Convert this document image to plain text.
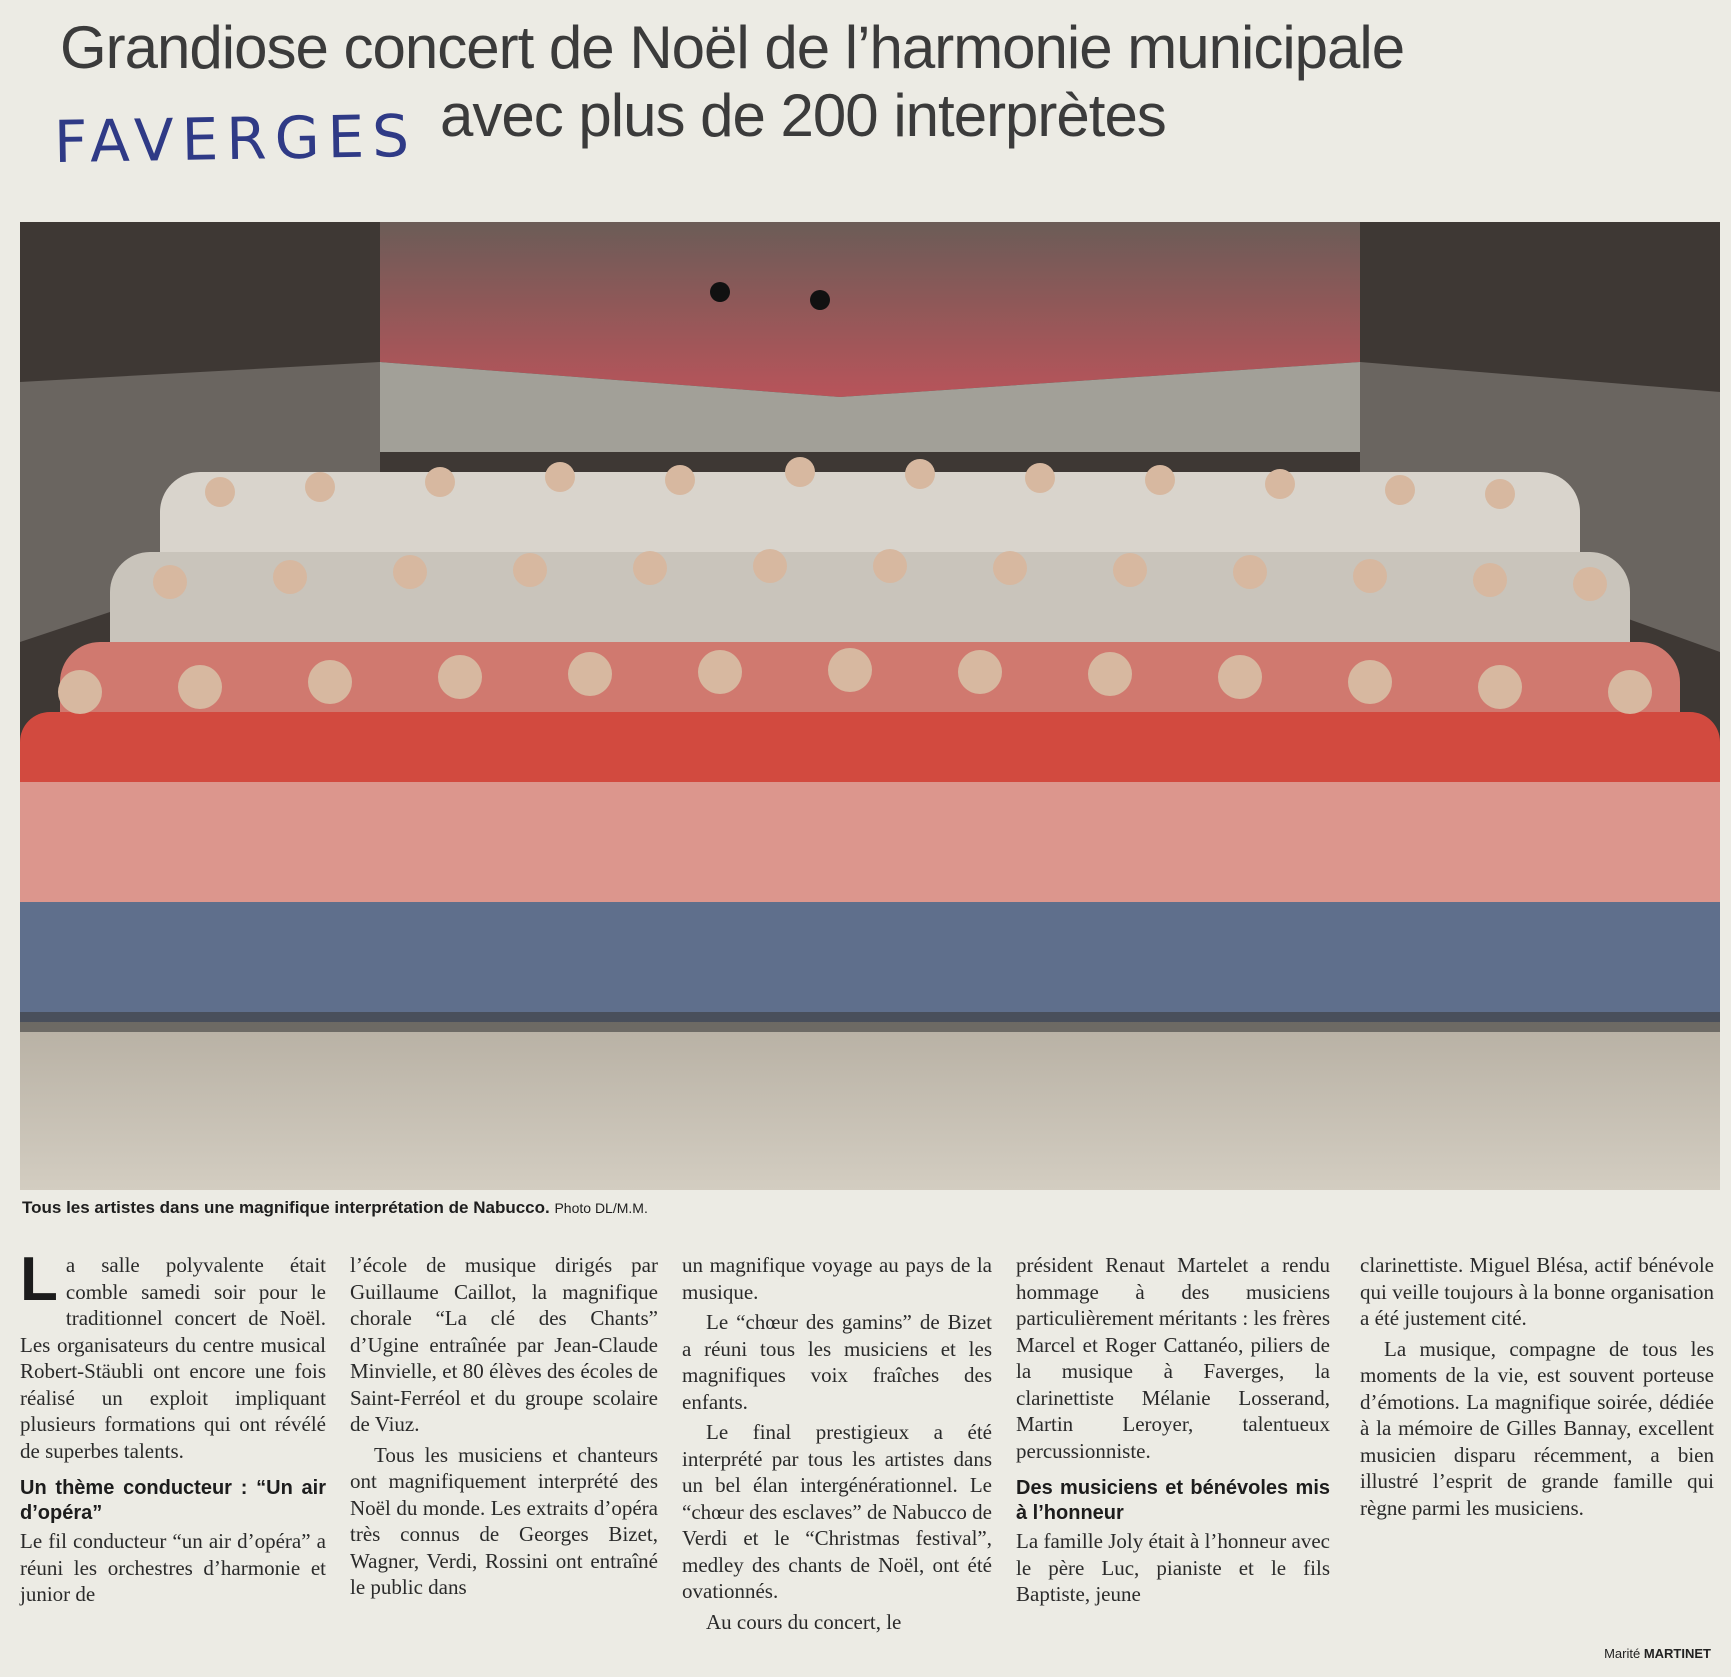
Grandiose concert de Noël de l’harmonie municipale
avec plus de 200 interprètes
FAVERGES
Tous les artistes dans une magnifique interprétation de Nabucco. Photo DL/M.M.

La salle polyvalente était comble samedi soir pour le traditionnel concert de Noël. Les organisateurs du centre musical Robert-Stäubli ont encore une fois réalisé un exploit impliquant plusieurs formations qui ont révélé de superbes talents.

Un thème conducteur : “Un air d’opéra”

Le fil conducteur “un air d’opéra” a réuni les orchestres d’harmonie et junior de

l’école de musique dirigés par Guillaume Caillot, la magnifique chorale “La clé des Chants” d’Ugine entraînée par Jean-Claude Minvielle, et 80 élèves des écoles de Saint-Ferréol et du groupe scolaire de Viuz.

Tous les musiciens et chanteurs ont magnifiquement interprété des Noël du monde. Les extraits d’opéra très connus de Georges Bizet, Wagner, Verdi, Rossini ont entraîné le public dans

un magnifique voyage au pays de la musique.

Le “chœur des gamins” de Bizet a réuni tous les musiciens et les magnifiques voix fraîches des enfants.

Le final prestigieux a été interprété par tous les artistes dans un bel élan intergénérationnel. Le “chœur des esclaves” de Nabucco de Verdi et le “Christmas festival”, medley des chants de Noël, ont été ovationnés.

Au cours du concert, le

président Renaut Martelet a rendu hommage à des musiciens particulièrement méritants : les frères Marcel et Roger Cattanéo, piliers de la musique à Faverges, la clarinettiste Mélanie Losserand, Martin Leroyer, talentueux percussionniste.

Des musiciens et bénévoles mis à l’honneur

La famille Joly était à l’honneur avec le père Luc, pianiste et le fils Baptiste, jeune

clarinettiste. Miguel Blésa, actif bénévole qui veille toujours à la bonne organisation a été justement cité.

La musique, compagne de tous les moments de la vie, est souvent porteuse d’émotions. La magnifique soirée, dédiée à la mémoire de Gilles Bannay, excellent musicien disparu récemment, a bien illustré l’esprit de grande famille qui règne parmi les musiciens.

Marité MARTINET
